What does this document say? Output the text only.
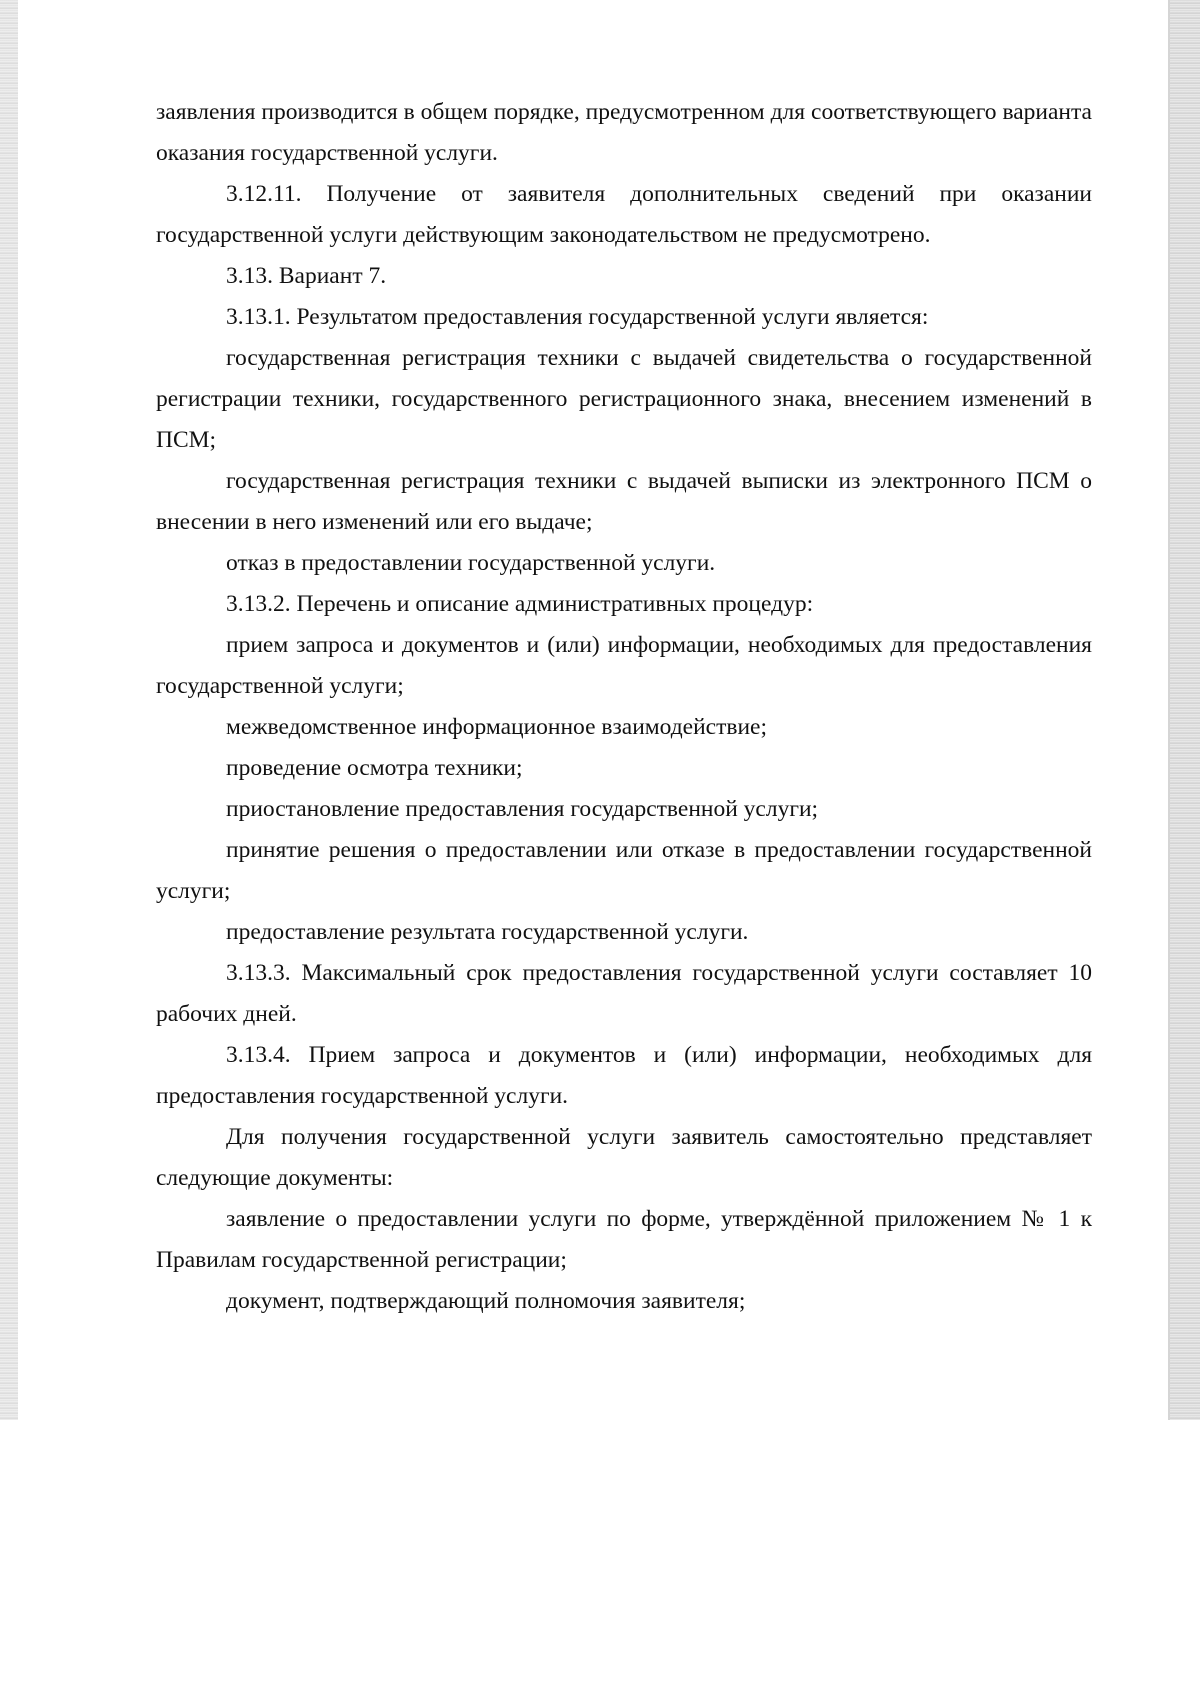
заявления производится в общем порядке, предусмотренном для соответствующего варианта оказания государственной услуги.

3.12.11. Получение от заявителя дополнительных сведений при оказании государственной услуги действующим законодательством не предусмотрено.

3.13. Вариант 7.

3.13.1. Результатом предоставления государственной услуги является:

государственная регистрация техники с выдачей свидетельства о государственной регистрации техники, государственного регистрационного знака, внесением изменений в ПСМ;

государственная регистрация техники с выдачей выписки из электронного ПСМ о внесении в него изменений или его выдаче;

отказ в предоставлении государственной услуги.

3.13.2. Перечень и описание административных процедур:

прием запроса и документов и (или) информации, необходимых для предоставления государственной услуги;

межведомственное информационное взаимодействие;

проведение осмотра техники;

приостановление предоставления государственной услуги;

принятие решения о предоставлении или отказе в предоставлении государственной услуги;

предоставление результата государственной услуги.

3.13.3. Максимальный срок предоставления государственной услуги составляет 10 рабочих дней.

3.13.4. Прием запроса и документов и (или) информации, необходимых для предоставления государственной услуги.

Для получения государственной услуги заявитель самостоятельно представляет следующие документы:

заявление о предоставлении услуги по форме, утверждённой приложением № 1 к Правилам государственной регистрации;

документ, подтверждающий полномочия заявителя;
